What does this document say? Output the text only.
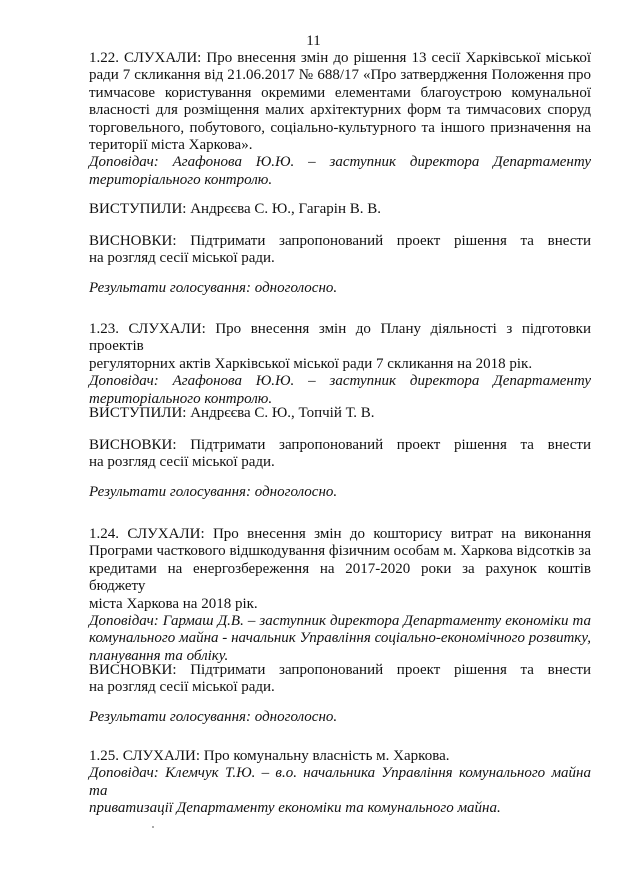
11
1.22. СЛУХАЛИ: Про внесення змін до рішення 13 сесії Харківської міської
ради 7 скликання від 21.06.2017 № 688/17 «Про затвердження Положення про
тимчасове користування окремими елементами благоустрою комунальної
власності для розміщення малих архітектурних форм та тимчасових споруд
торговельного, побутового, соціально-культурного та іншого призначення на
території міста Харкова».
Доповідач: Агафонова Ю.Ю. – заступник директора Департаменту
територіального контролю.
ВИСТУПИЛИ: Андрєєва С. Ю., Гагарін В. В.
ВИСНОВКИ: Підтримати запропонований проект рішення та внести
на розгляд сесії міської ради.
Результати голосування: одноголосно.
1.23. СЛУХАЛИ: Про внесення змін до Плану діяльності з підготовки проектів
регуляторних актів Харківської міської ради 7 скликання на 2018 рік.
Доповідач: Агафонова Ю.Ю. – заступник директора Департаменту
територіального контролю.
ВИСТУПИЛИ: Андрєєва С. Ю., Топчій Т. В.
ВИСНОВКИ: Підтримати запропонований проект рішення та внести
на розгляд сесії міської ради.
Результати голосування: одноголосно.
1.24. СЛУХАЛИ: Про внесення змін до кошторису витрат на виконання
Програми часткового відшкодування фізичним особам м. Харкова відсотків за
кредитами на енергозбереження на 2017-2020 роки за рахунок коштів бюджету
міста Харкова на 2018 рік.
Доповідач: Гармаш Д.В. – заступник директора Департаменту економіки та
комунального майна - начальник Управління соціально-економічного розвитку,
планування та обліку.
ВИСНОВКИ: Підтримати запропонований проект рішення та внести
на розгляд сесії міської ради.
Результати голосування: одноголосно.
1.25. СЛУХАЛИ: Про комунальну власність м. Харкова.
Доповідач: Клемчук Т.Ю. – в.о. начальника Управління комунального майна та
приватизації Департаменту економіки та комунального майна.
